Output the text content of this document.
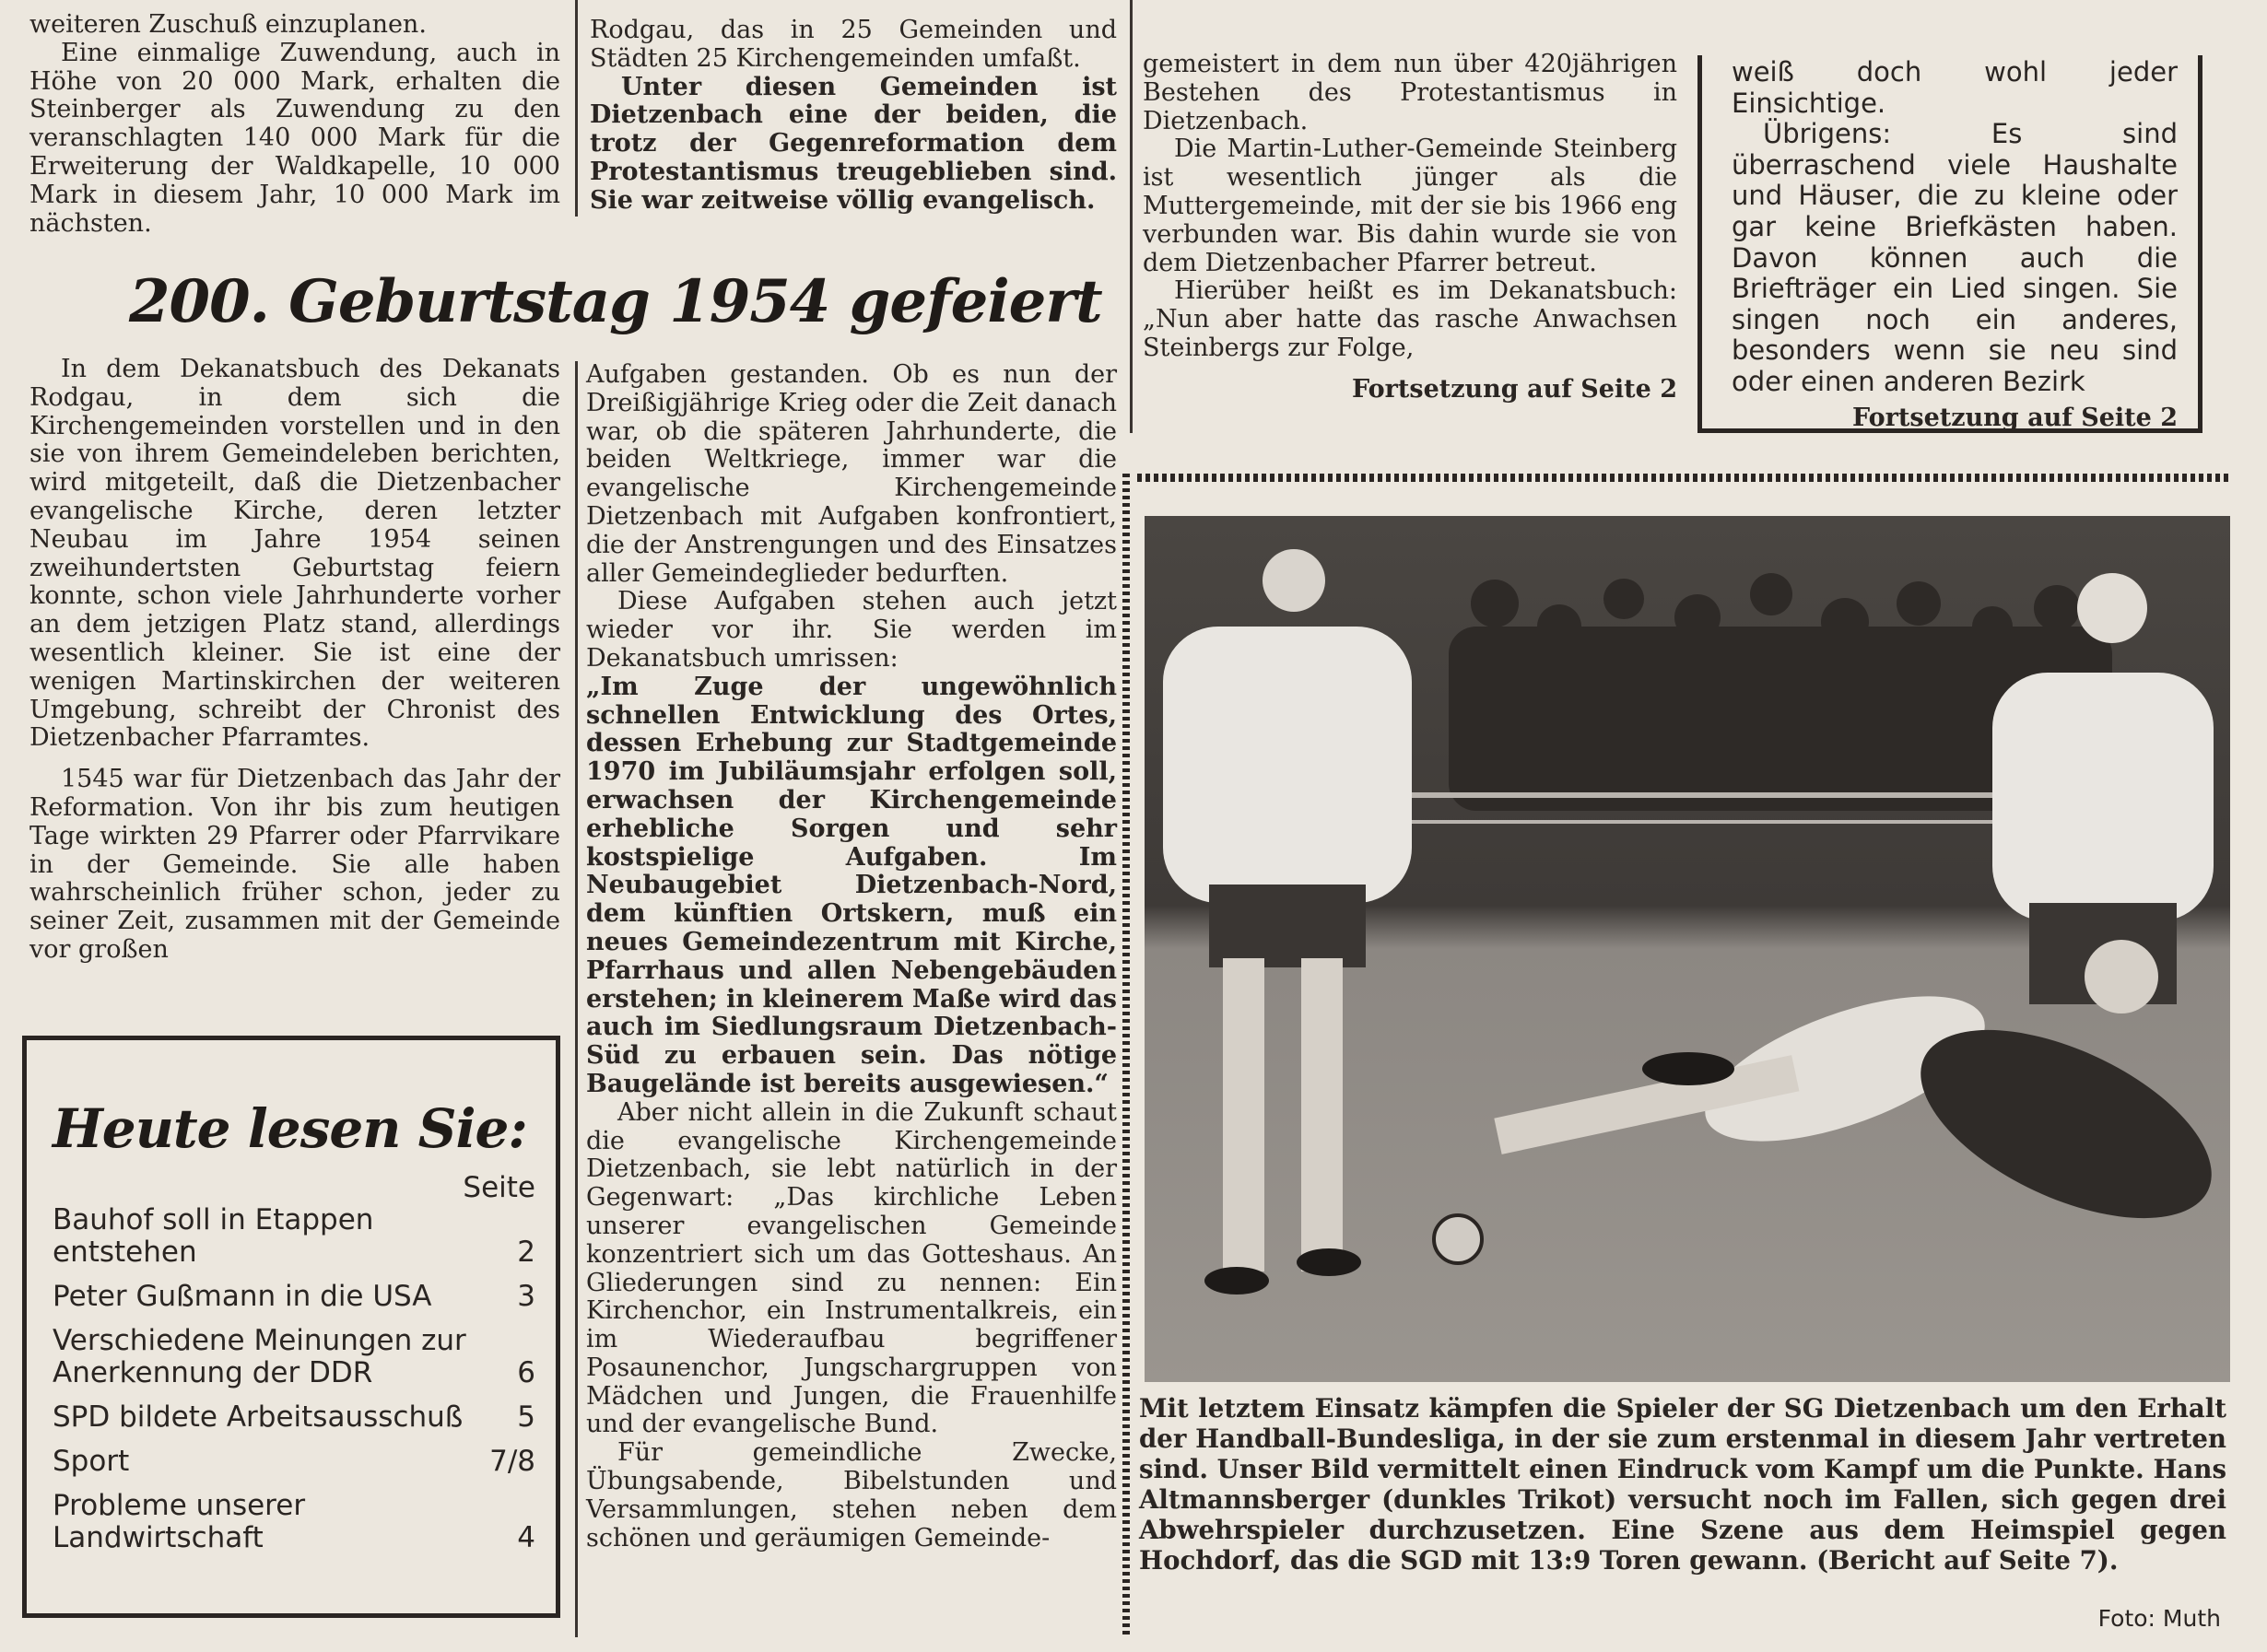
weiteren Zuschuß einzuplanen.

Eine einmalige Zuwendung, auch in Höhe von 20 000 Mark, erhalten die Steinberger als Zuwendung zu den veranschlagten 140 000 Mark für die Erweiterung der Waldkapelle, 10 000 Mark in diesem Jahr, 10 000 Mark im nächsten.

Rodgau, das in 25 Gemeinden und Städten 25 Kirchengemeinden umfaßt.

Unter diesen Gemeinden ist Dietzenbach eine der beiden, die trotz der Gegenreformation dem Protestantismus treugeblieben sind. Sie war zeitweise völlig evangelisch.

gemeistert in dem nun über 420jährigen Bestehen des Protestantismus in Dietzenbach.

Die Martin-Luther-Gemeinde Steinberg ist wesentlich jünger als die Muttergemeinde, mit der sie bis 1966 eng verbunden war. Bis dahin wurde sie von dem Dietzenbacher Pfarrer betreut.

Hierüber heißt es im Dekanatsbuch: „Nun aber hatte das rasche Anwachsen Steinbergs zur Folge,

Fortsetzung auf Seite 2

weiß doch wohl jeder Einsichtige.

Übrigens: Es sind überraschend viele Haushalte und Häuser, die zu kleine oder gar keine Briefkästen haben. Davon können auch die Briefträger ein Lied singen. Sie singen noch ein anderes, besonders wenn sie neu sind oder einen anderen Bezirk

Fortsetzung auf Seite 2
200. Geburtstag 1954 gefeiert

In dem Dekanatsbuch des Dekanats Rodgau, in dem sich die Kirchengemeinden vorstellen und in den sie von ihrem Gemeindeleben berichten, wird mitgeteilt, daß die Dietzenbacher evangelische Kirche, deren letzter Neubau im Jahre 1954 seinen zweihundertsten Geburtstag feiern konnte, schon viele Jahrhunderte vorher an dem jetzigen Platz stand, allerdings wesentlich kleiner. Sie ist eine der wenigen Martinskirchen der weiteren Umgebung, schreibt der Chronist des Dietzenbacher Pfarramtes.

1545 war für Dietzenbach das Jahr der Reformation. Von ihr bis zum heutigen Tage wirkten 29 Pfarrer oder Pfarrvikare in der Gemeinde. Sie alle haben wahrscheinlich früher schon, jeder zu seiner Zeit, zusammen mit der Gemeinde vor großen

Aufgaben gestanden. Ob es nun der Dreißigjährige Krieg oder die Zeit danach war, ob die späteren Jahrhunderte, die beiden Weltkriege, immer war die evangelische Kirchengemeinde Dietzenbach mit Aufgaben konfrontiert, die der Anstrengungen und des Einsatzes aller Gemeindeglieder bedurften.

Diese Aufgaben stehen auch jetzt wieder vor ihr. Sie werden im Dekanatsbuch umrissen:

„Im Zuge der ungewöhnlich schnellen Entwicklung des Ortes, dessen Erhebung zur Stadtgemeinde 1970 im Jubiläumsjahr erfolgen soll, erwachsen der Kirchengemeinde erhebliche Sorgen und sehr kostspielige Aufgaben. Im Neubaugebiet Dietzenbach-Nord, dem künftien Ortskern, muß ein neues Gemeindezentrum mit Kirche, Pfarrhaus und allen Nebengebäuden erstehen; in kleinerem Maße wird das auch im Siedlungsraum Dietzenbach-Süd zu erbauen sein. Das nötige Baugelände ist bereits ausgewiesen.“

Aber nicht allein in die Zukunft schaut die evangelische Kirchengemeinde Dietzenbach, sie lebt natürlich in der Gegenwart: „Das kirchliche Leben unserer evangelischen Gemeinde konzentriert sich um das Gotteshaus. An Gliederungen sind zu nennen: Ein Kirchenchor, ein Instrumentalkreis, ein im Wiederaufbau begriffener Posaunenchor, Jungschargruppen von Mädchen und Jungen, die Frauenhilfe und der evangelische Bund.

Für gemeindliche Zwecke, Übungsabende, Bibelstunden und Versammlungen, stehen neben dem schönen und geräumigen Gemeinde-

Heute lesen Sie:
Seite
Bauhof soll in Etappen entstehen	2
Peter Gußmann in die USA	3
Verschiedene Meinungen zur Anerkennung der DDR	6
SPD bildete Arbeitsausschuß	5
Sport	7/8
Probleme unserer Landwirtschaft	4
Mit letztem Einsatz kämpfen die Spieler der SG Dietzenbach um den Erhalt der Handball-Bundesliga, in der sie zum erstenmal in diesem Jahr vertreten sind. Unser Bild vermittelt einen Eindruck vom Kampf um die Punkte. Hans Altmannsberger (dunkles Trikot) versucht noch im Fallen, sich gegen drei Abwehrspieler durchzusetzen. Eine Szene aus dem Heimspiel gegen Hochdorf, das die SGD mit 13:9 Toren gewann. (Bericht auf Seite 7).
Foto: Muth
